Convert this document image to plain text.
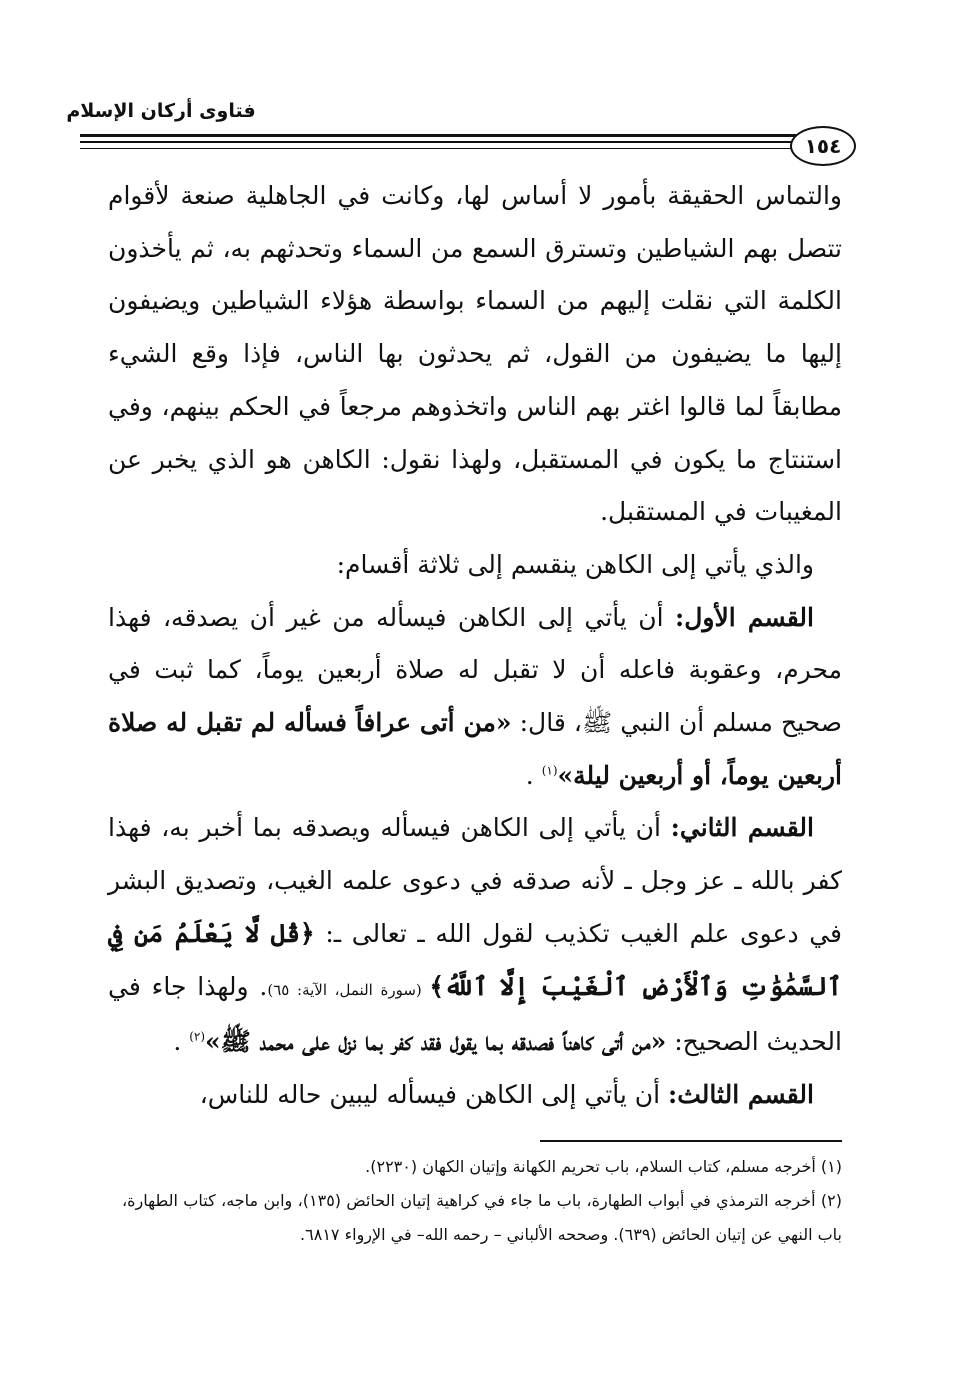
فتاوى أركان الإسلام
١٥٤

والتماس الحقيقة بأمور لا أساس لها، وكانت في الجاهلية صنعة لأقوام تتصل بهم الشياطين وتسترق السمع من السماء وتحدثهم به، ثم يأخذون الكلمة التي نقلت إليهم من السماء بواسطة هؤلاء الشياطين ويضيفون إليها ما يضيفون من القول، ثم يحدثون بها الناس، فإذا وقع الشيء مطابقاً لما قالوا اغتر بهم الناس واتخذوهم مرجعاً في الحكم بينهم، وفي استنتاج ما يكون في المستقبل، ولهذا نقول: الكاهن هو الذي يخبر عن المغيبات في المستقبل.

والذي يأتي إلى الكاهن ينقسم إلى ثلاثة أقسام:

القسم الأول: أن يأتي إلى الكاهن فيسأله من غير أن يصدقه، فهذا محرم، وعقوبة فاعله أن لا تقبل له صلاة أربعين يوماً، كما ثبت في صحيح مسلم أن النبي ﷺ، قال: «من أتى عرافاً فسأله لم تقبل له صلاة أربعين يوماً، أو أربعين ليلة»$^{(١)}$ .

القسم الثاني: أن يأتي إلى الكاهن فيسأله ويصدقه بما أخبر به، فهذا كفر بالله ـ عز وجل ـ لأنه صدقه في دعوى علمه الغيب، وتصديق البشر في دعوى علم الغيب تكذيب لقول الله ـ تعالى ـ: ﴿قُل لَّا يَعْلَمُ مَن فِي ٱلسَّمَٰوَٰتِ وَٱلْأَرْضِ ٱلْغَيْبَ إِلَّا ٱللَّهُ﴾ (سورة النمل، الآية: ٦٥). ولهذا جاء في الحديث الصحيح: «من أتى كاهناً فصدقه بما يقول فقد كفر بما نزل على محمد ﷺ»$^{(٢)}$ .

القسم الثالث: أن يأتي إلى الكاهن فيسأله ليبين حاله للناس،

(١) أخرجه مسلم، كتاب السلام، باب تحريم الكهانة وإتيان الكهان (٢٢٣٠).

(٢) أخرجه الترمذي في أبواب الطهارة، باب ما جاء في كراهية إتيان الحائض (١٣٥)، وابن ماجه، كتاب الطهارة، باب النهي عن إتيان الحائض (٦٣٩). وصححه الألباني – رحمه الله– في الإرواء ٦٨١٧.
